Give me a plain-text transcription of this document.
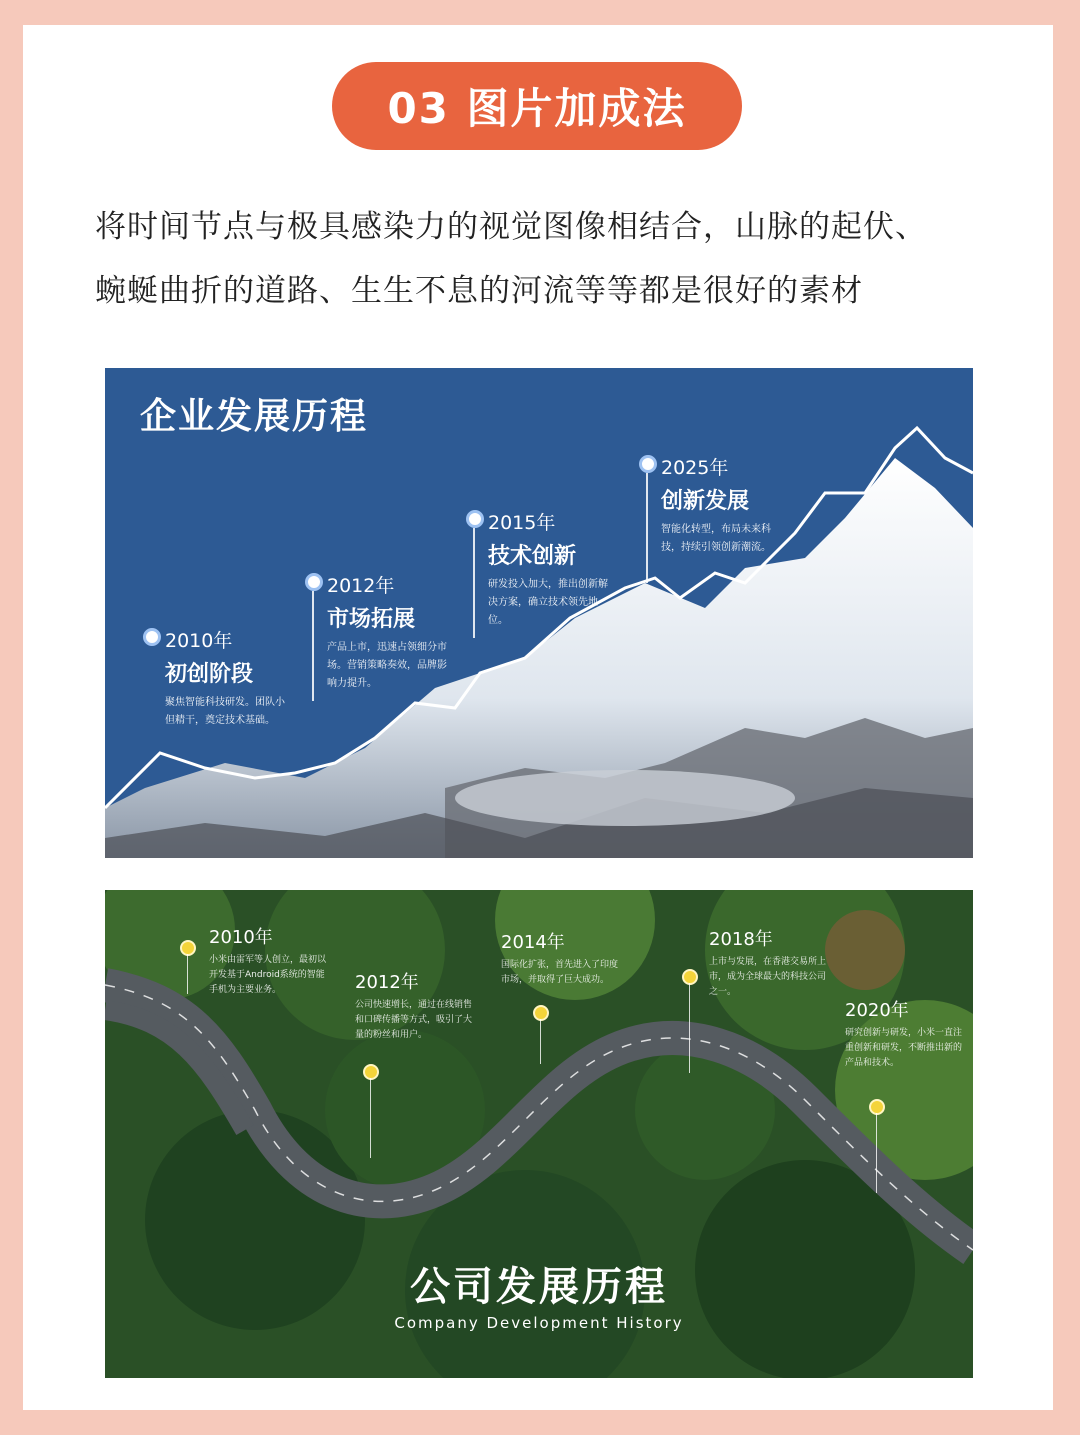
03 图片加成法

将时间节点与极具感染力的视觉图像相结合，山脉的起伏、

蜿蜒曲折的道路、生生不息的河流等等都是很好的素材

企业发展历程
2010年
初创阶段
聚焦智能科技研发。团队小但精干，奠定技术基础。
2012年
市场拓展
产品上市，迅速占领细分市场。营销策略奏效，品牌影响力提升。
2015年
技术创新
研发投入加大，推出创新解决方案，确立技术领先地位。
2025年
创新发展
智能化转型，布局未来科技，持续引领创新潮流。
2010年
小米由雷军等人创立，最初以开发基于Android系统的智能手机为主要业务。	2012年
公司快速增长，通过在线销售和口碑传播等方式，吸引了大量的粉丝和用户。
2014年
国际化扩张，首先进入了印度市场，并取得了巨大成功。
2018年
上市与发展，在香港交易所上市，成为全球最大的科技公司之一。
2020年
研究创新与研发，小米一直注重创新和研发，不断推出新的产品和技术。
公司发展历程
Company Development History
